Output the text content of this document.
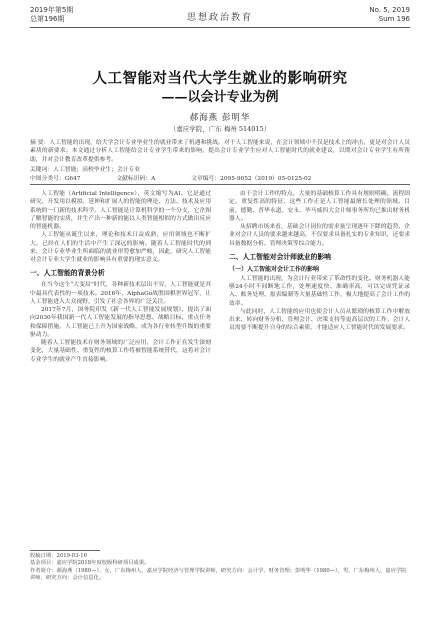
2019年第5期
总第196期	思想政治教育
No. 5, 2019
Sum 196
人工智能对当代大学生就业的影响研究
——以会计专业为例
郝海燕 彭明华
（嘉应学院，广东 梅州 514015）
摘 要：人工智能的出现，给大学会计专业毕业生的就业带来了机遇和挑战。对于人工智能来说，在会计领域中不仅是技术上的冲击，更是对会计人员素质的新要求。本文通过分析人工智能给会计专业学生带来的影响，提出会计专业学生应对人工智能时代的就业建议，以期对会计专业学生有所帮助，并对会计教育改革提供参考。
关键词：人工智能；高校毕业生；会计专业
中图分类号：G647	文献标识码：A	文章编号：2095-9052（2019）05-0125-02

人工智能（Artificial Intelligence），英文缩写为AI。它是通过研究、开发用以模拟、延伸和扩展人的智能的理论、方法、技术及应用系统的一门新的技术科学。人工智能是计算机科学的一个分支，它企图了解智能的实质，并生产出一种新的能以人类智能相似的方式做出反应的智能机器。

人工智能从诞生以来，理论和技术日益成熟，应用领域也不断扩大，已经在人们的生活中产生了深远的影响。随着人工智能时代的到来，会计专业毕业生所面临的就业形势愈加严峻，因此，研究人工智能对会计专业大学生就业的影响具有重要的现实意义。

一、人工智能的背景分析

在当今这个“大变局”时代，各种新技术层出不穷，人工智能就是其中最具代表性的一项技术。2016年，AlphaGo战胜围棋世界冠军，让人工智能进入大众视野，引发了社会各界的广泛关注。

2017年7月，国务院印发《新一代人工智能发展规划》，提出了面向2030年我国新一代人工智能发展的指导思想、战略目标、重点任务和保障措施。人工智能已上升为国家战略，成为各行业转型升级的重要驱动力。

随着人工智能技术在财务领域的广泛应用，会计工作正在发生深刻变化，大量基础性、重复性的核算工作将被智能系统替代，这将对会计专业学生的就业产生直接影响。

由于会计工作的特点，大量的基础核算工作具有规则明确、流程固定、重复性高的特征，这些工作正是人工智能最擅长处理的领域。目前，德勤、普华永道、安永、毕马威四大会计师事务所均已推出财务机器人。

从招聘市场来看，基础会计岗位的需求量呈现逐年下降的趋势，企业对会计人员的要求越来越高，不仅要求具备扎实的专业知识，还要求具备数据分析、管理决策等综合能力。

二、人工智能对会计师就业的影响
（一）人工智能对会计工作的影响

人工智能的出现，为会计行业带来了革命性的变化。财务机器人能够24小时不间断地工作，处理速度快、准确率高，可以完成凭证录入、账务处理、报表编制等大量基础性工作，极大地提高了会计工作的效率。

与此同时，人工智能的应用也使会计人员从繁琐的核算工作中解放出来，转向财务分析、管理会计、决策支持等更高层次的工作。会计人员需要不断提升自身的综合素质，才能适应人工智能时代的发展要求。

收稿日期：2019-03-16
基金项目：嘉应学院2018年度校级科研项目成果。
作者简介：郝海燕（1980—），女，广东梅州人，嘉应学院经济与管理学院讲师，研究方向：会计学、财务管理；彭明华（1980—），男，广东梅州人，嘉应学院讲师，研究方向：会计信息化。
